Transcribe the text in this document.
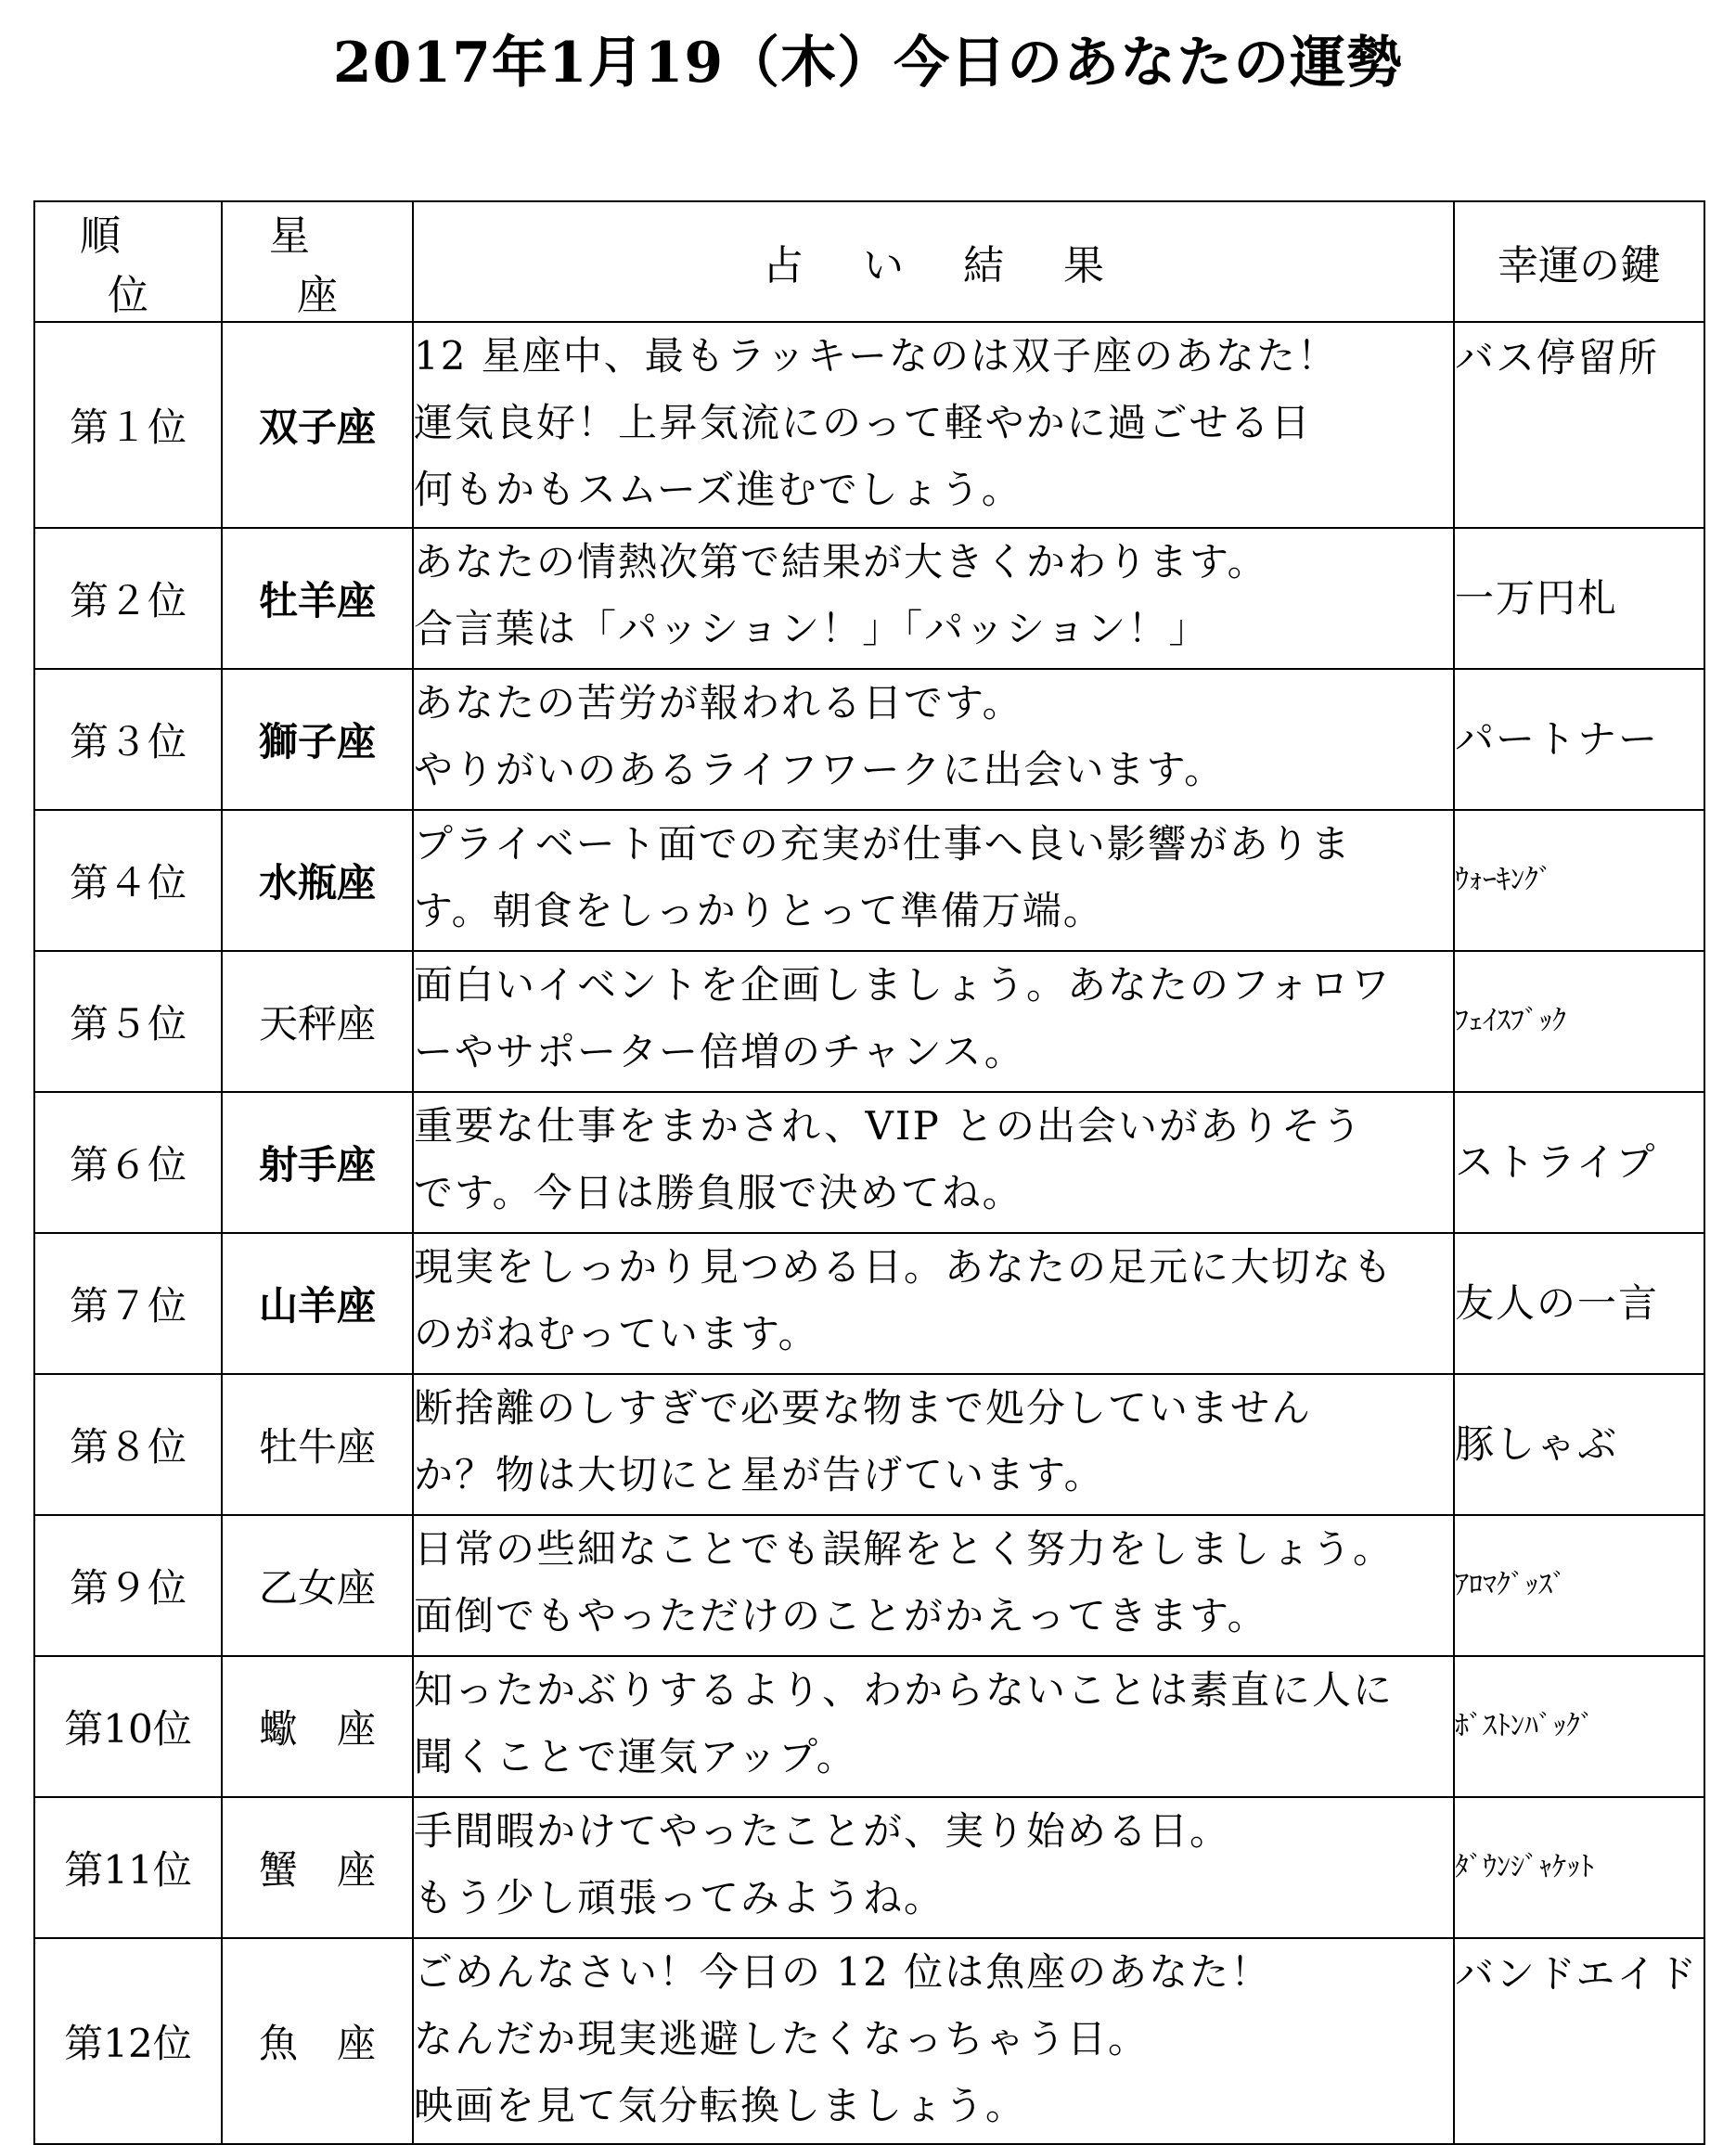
2017年1月19（木）今日のあなたの運勢
順位	星座	占い結果	幸運の鍵
第１位	双子座	12 星座中、最もラッキーなのは双子座のあなた！
運気良好！上昇気流にのって軽やかに過ごせる日
何もかもスムーズ進むでしょう。	バス停留所
第２位	牡羊座	あなたの情熱次第で結果が大きくかわります。
合言葉は「パッション！」「パッション！」	一万円札
第３位	獅子座	あなたの苦労が報われる日です。
やりがいのあるライフワークに出会います。	パートナー
第４位	水瓶座	プライベート面での充実が仕事へ良い影響がありま
す。朝食をしっかりとって準備万端。	ｳｫｰｷﾝｸﾞ
第５位	天秤座	面白いイベントを企画しましょう。あなたのフォロワ
ーやサポーター倍増のチャンス。	ﾌｪｲｽﾌﾞｯｸ
第６位	射手座	重要な仕事をまかされ、VIP との出会いがありそう
です。今日は勝負服で決めてね。	ストライプ
第７位	山羊座	現実をしっかり見つめる日。あなたの足元に大切なも
のがねむっています。	友人の一言
第８位	牡牛座	断捨離のしすぎで必要な物まで処分していません
か？物は大切にと星が告げています。	豚しゃぶ
第９位	乙女座	日常の些細なことでも誤解をとく努力をしましょう。
面倒でもやっただけのことがかえってきます。	ｱﾛﾏｸﾞｯｽﾞ
第10位	蠍　座	知ったかぶりするより、わからないことは素直に人に
聞くことで運気アップ。	ﾎﾞｽﾄﾝﾊﾞｯｸﾞ
第11位	蟹　座	手間暇かけてやったことが、実り始める日。
もう少し頑張ってみようね。	ﾀﾞｳﾝｼﾞｬｹｯﾄ
第12位	魚　座	ごめんなさい！今日の 12 位は魚座のあなた！
なんだか現実逃避したくなっちゃう日。
映画を見て気分転換しましょう。	バンドエイド
